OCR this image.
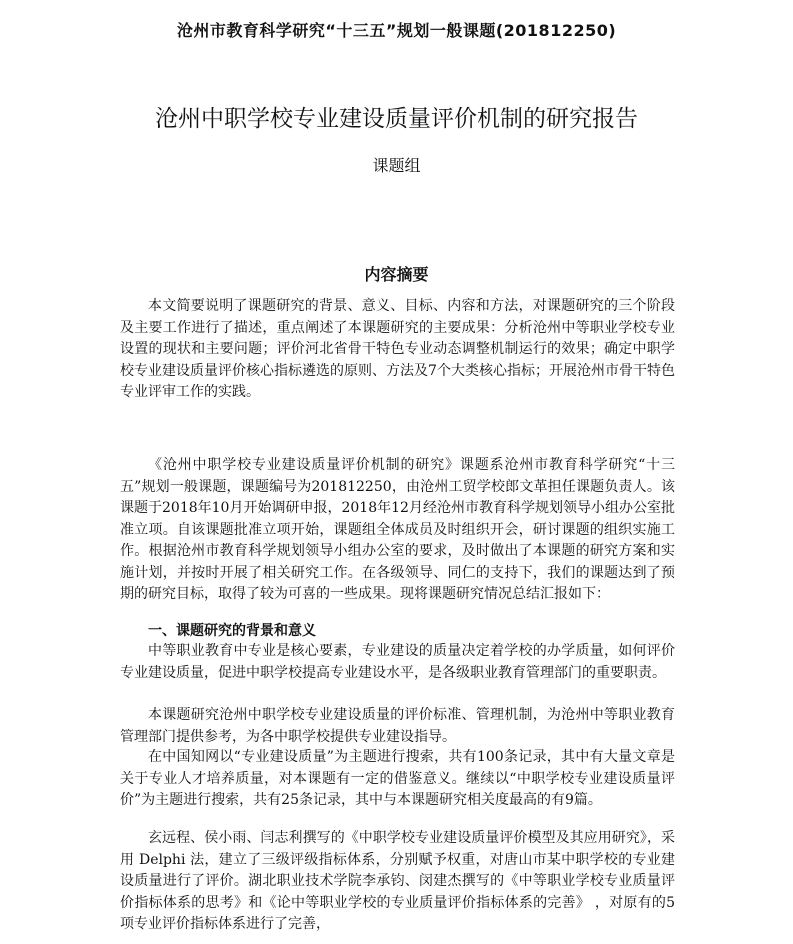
沧州市教育科学研究“十三五”规划一般课题(201812250)
沧州中职学校专业建设质量评价机制的研究报告
课题组
内容摘要

本文简要说明了课题研究的背景、意义、目标、内容和方法，对课题研究的三个阶段及主要工作进行了描述，重点阐述了本课题研究的主要成果：分析沧州中等职业学校专业设置的现状和主要问题；评价河北省骨干特色专业动态调整机制运行的效果；确定中职学校专业建设质量评价核心指标遴选的原则、方法及7个大类核心指标；开展沧州市骨干特色专业评审工作的实践。

《沧州中职学校专业建设质量评价机制的研究》课题系沧州市教育科学研究“十三五”规划一般课题，课题编号为201812250，由沧州工贸学校郎文革担任课题负责人。该课题于2018年10月开始调研申报，2018年12月经沧州市教育科学规划领导小组办公室批准立项。自该课题批准立项开始，课题组全体成员及时组织开会，研讨课题的组织实施工作。根据沧州市教育科学规划领导小组办公室的要求，及时做出了本课题的研究方案和实施计划，并按时开展了相关研究工作。在各级领导、同仁的支持下，我们的课题达到了预期的研究目标，取得了较为可喜的一些成果。现将课题研究情况总结汇报如下：

一、课题研究的背景和意义

中等职业教育中专业是核心要素，专业建设的质量决定着学校的办学质量，如何评价专业建设质量，促进中职学校提高专业建设水平，是各级职业教育管理部门的重要职责。

本课题研究沧州中职学校专业建设质量的评价标准、管理机制，为沧州中等职业教育管理部门提供参考，为各中职学校提供专业建设指导。

在中国知网以“专业建设质量”为主题进行搜索，共有100条记录，其中有大量文章是关于专业人才培养质量，对本课题有一定的借鉴意义。继续以“中职学校专业建设质量评价”为主题进行搜索，共有25条记录，其中与本课题研究相关度最高的有9篇。

玄远程、侯小雨、闫志利撰写的《中职学校专业建设质量评价模型及其应用研究》，采用 Delphi 法，建立了三级评级指标体系，分别赋予权重，对唐山市某中职学校的专业建设质量进行了评价。湖北职业技术学院李承钧、闵建杰撰写的《中等职业学校专业质量评价指标体系的思考》和《论中等职业学校的专业质量评价指标体系的完善》 ，对原有的5项专业评价指标体系进行了完善，
